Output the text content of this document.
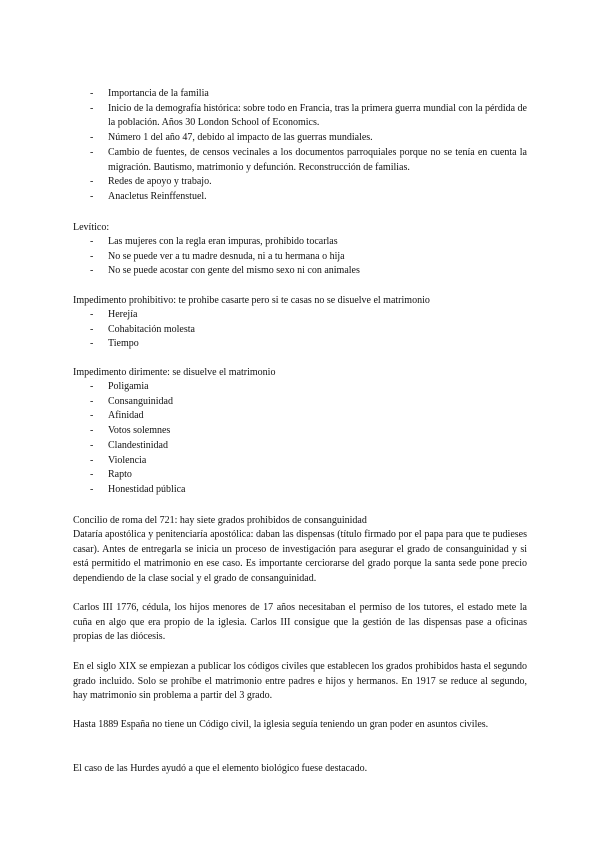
- Importancia de la familia
- Inicio de la demografía histórica: sobre todo en Francia, tras la primera guerra mundial con la pérdida de la población. Años 30 London School of Economics.
- Número 1 del año 47, debido al impacto de las guerras mundiales.
- Cambio de fuentes, de censos vecinales a los documentos parroquiales porque no se tenía en cuenta la migración. Bautismo, matrimonio y defunción. Reconstrucción de familias.
- Redes de apoyo y trabajo.
- Anacletus Reinffenstuel.

Levítico:

- Las mujeres con la regla eran impuras, prohibido tocarlas
- No se puede ver a tu madre desnuda, ni a tu hermana o hija
- No se puede acostar con gente del mismo sexo ni con animales

Impedimento prohibitivo: te prohibe casarte pero si te casas no se disuelve el matrimonio

- Herejía
- Cohabitación molesta
- Tiempo

Impedimento dirimente: se disuelve el matrimonio

- Poligamia
- Consanguinidad
- Afinidad
- Votos solemnes
- Clandestinidad
- Violencia
- Rapto
- Honestidad pública

Concilio de roma del 721: hay siete grados prohibidos de consanguinidad

Dataría apostólica y penitenciaría apostólica: daban las dispensas (título firmado por el papa para que te pudieses casar). Antes de entregarla se inicia un proceso de investigación para asegurar el grado de consanguinidad y si está permitido el matrimonio en ese caso. Es importante cerciorarse del grado porque la santa sede pone precio dependiendo de la clase social y el grado de consanguinidad.

Carlos III 1776, cédula, los hijos menores de 17 años necesitaban el permiso de los tutores, el estado mete la cuña en algo que era propio de la iglesia. Carlos III consigue que la gestión de las dispensas pase a oficinas propias de las diócesis.

En el siglo XIX se empiezan a publicar los códigos civiles que establecen los grados prohibidos hasta el segundo grado incluido. Solo se prohíbe el matrimonio entre padres e hijos y hermanos. En 1917 se reduce al segundo, hay matrimonio sin problema a partir del 3 grado.

Hasta 1889 España no tiene un Código civil, la iglesia seguía teniendo un gran poder en asuntos civiles.

El caso de las Hurdes ayudó a que el elemento biológico fuese destacado.
